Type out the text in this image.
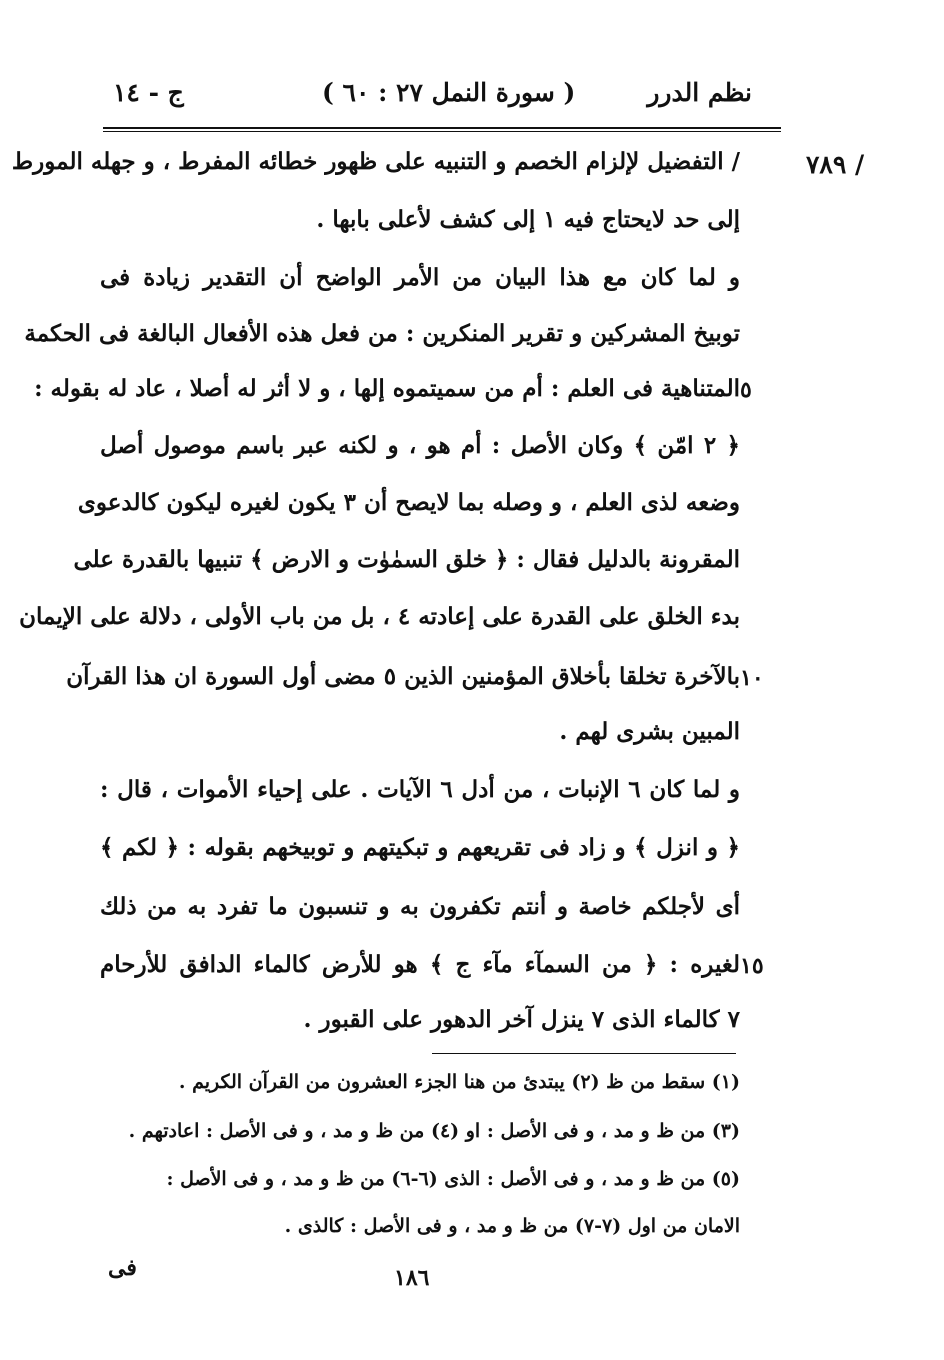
نظم الدرر
( سورة النمل ٢٧ : ٦٠ )
ج - ١٤
/ ٧٨٩
٥
١٠
١٥
/ التفضيل لإلزام الخصم و التنبيه على ظهور خطائه المفرط ، و جهله المورط
إلى حد لايحتاج فيه ١ إلى كشف لأعلى بابها .
و لما كان مع هذا البيان من الأمر الواضح أن التقدير زيادة فى
توبيخ المشركين و تقرير المنكرين : من فعل هذه الأفعال البالغة فى الحكمة
المتناهية فى العلم : أم من سميتموه إلها ، و لا أثر له أصلا ، عاد له بقوله :
﴿ ٢ امّن ﴾ وكان الأصل : أم هو ، و لكنه عبر باسم موصول أصل
وضعه لذى العلم ، و وصله بما لايصح أن ٣ يكون لغيره ليكون كالدعوى
المقرونة بالدليل فقال : ﴿ خلق السمٰوٰت و الارض ﴾ تنبيها بالقدرة على
بدء الخلق على القدرة على إعادته ٤ ، بل من باب الأولى ، دلالة على الإيمان
بالآخرة تخلقا بأخلاق المؤمنين الذين ٥ مضى أول السورة ان هذا القرآن
المبين بشرى لهم .
و لما كان ٦ الإنبات ، من أدل ٦ الآيات . على إحياء الأموات ، قال :
﴿ و انزل ﴾ و زاد فى تقريعهم و تبكيتهم و توبيخهم بقوله : ﴿ لكم ﴾
أى لأجلكم خاصة و أنتم تكفرون به و تنسبون ما تفرد به من ذلك
لغيره : ﴿ من السمآء مآء ج ﴾ هو للأرض كالماء الدافق للأرحام
٧ كالماء الذى ٧ ينزل آخر الدهور على القبور .
(١) سقط من ظ (٢) يبتدئ من هنا الجزء العشرون من القرآن الكريم .
(٣) من ظ و مد ، و فى الأصل : او (٤) من ظ و مد ، و فى الأصل : اعادتهم .
(٥) من ظ و مد ، و فى الأصل : الذى (٦-٦) من ظ و مد ، و فى الأصل :
الامان من اول (٧-٧) من ظ و مد ، و فى الأصل : كالذى .
١٨٦
فى
